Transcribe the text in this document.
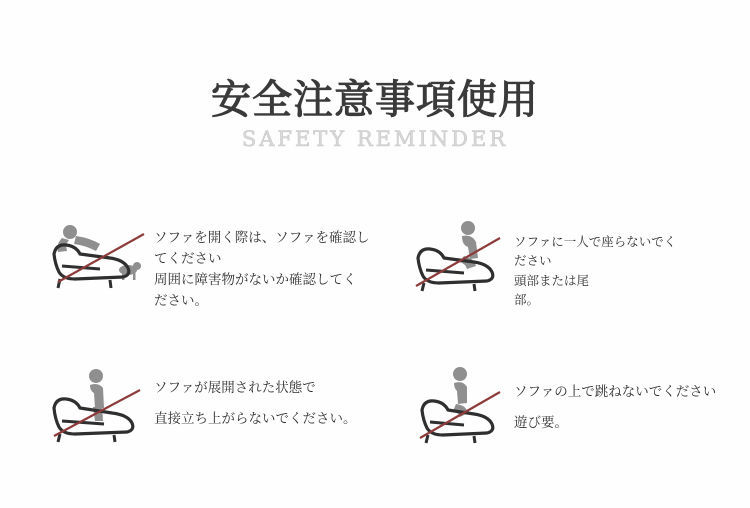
安全注意事項使用
SAFETY REMINDER
ソファを開く際は、ソファを確認してください
周囲に障害物がないか確認してく
ださい。
ソファに一人で座らないでく
ださい
頭部または尾
部。
ソファが展開された状態で
直接立ち上がらないでください。
ソファの上で跳ねないでください
遊び要。
